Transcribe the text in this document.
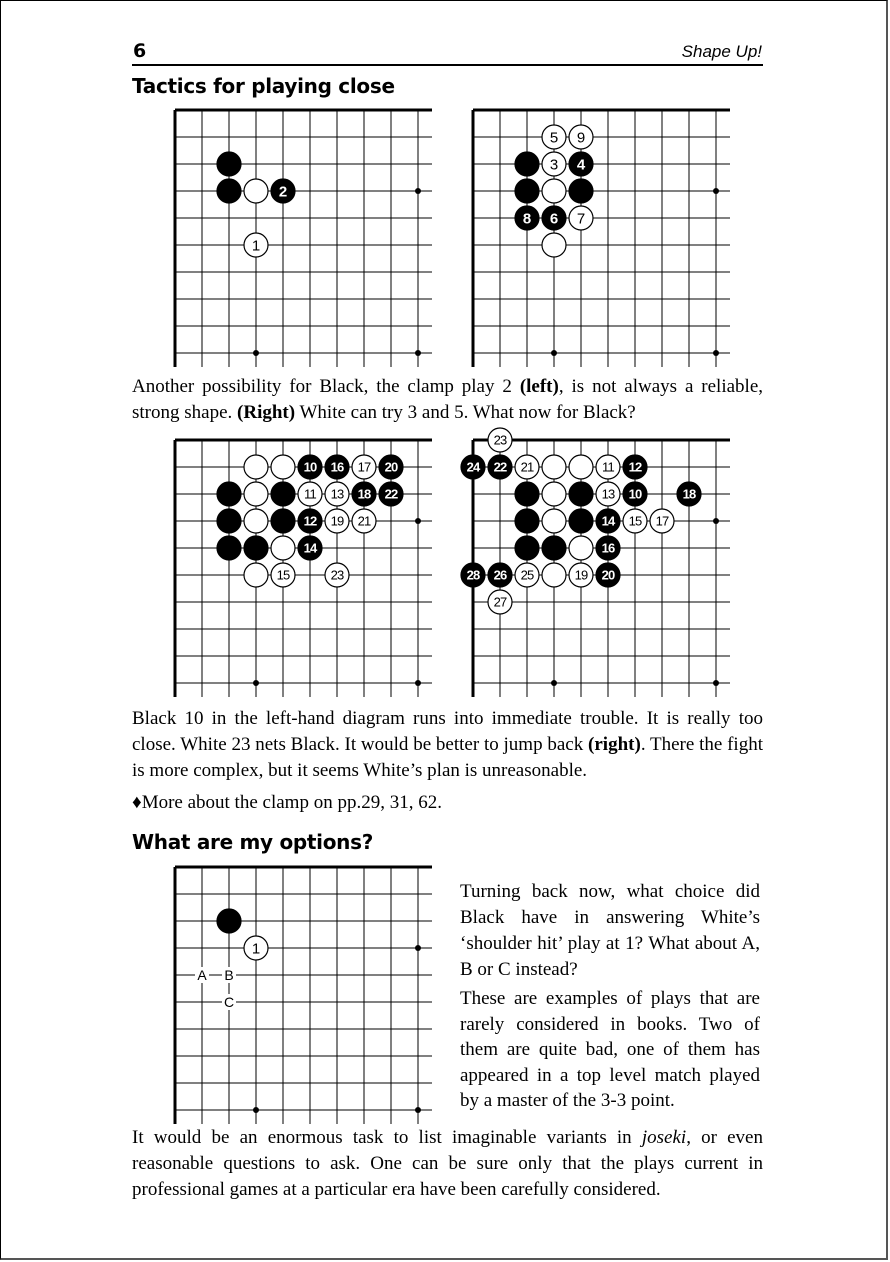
6	Shape Up!
Tactics for playing close
2
1
5 9
3 4
8 6 7
Another possibility for Black, the clamp play 2 (left), is not always a reliable, strong shape. (Right) White can try 3 and 5. What now for Black?
10 16 17 20
11 13 18 22
12 19 21
14
15	23
23
24 22 21	11 12
13 10	18
14 15 17
16
28 26 25	19 20
27
Black 10 in the left-hand diagram runs into immediate trouble. It is really too close. White 23 nets Black. It would be better to jump back (right). There the fight is more complex, but it seems White’s plan is unreasonable.
♦More about the clamp on pp.29, 31, 62.
What are my options?
A B
C
1
Turning back now, what choice did Black have in answering White’s ‘shoulder hit’ play at 1? What about A, B or C instead?
These are examples of plays that are rarely considered in books. Two of them are quite bad, one of them has appeared in a top level match played by a master of the 3-3 point.
It would be an enormous task to list imaginable variants in joseki, or even reasonable questions to ask. One can be sure only that the plays current in professional games at a particular era have been carefully considered.
